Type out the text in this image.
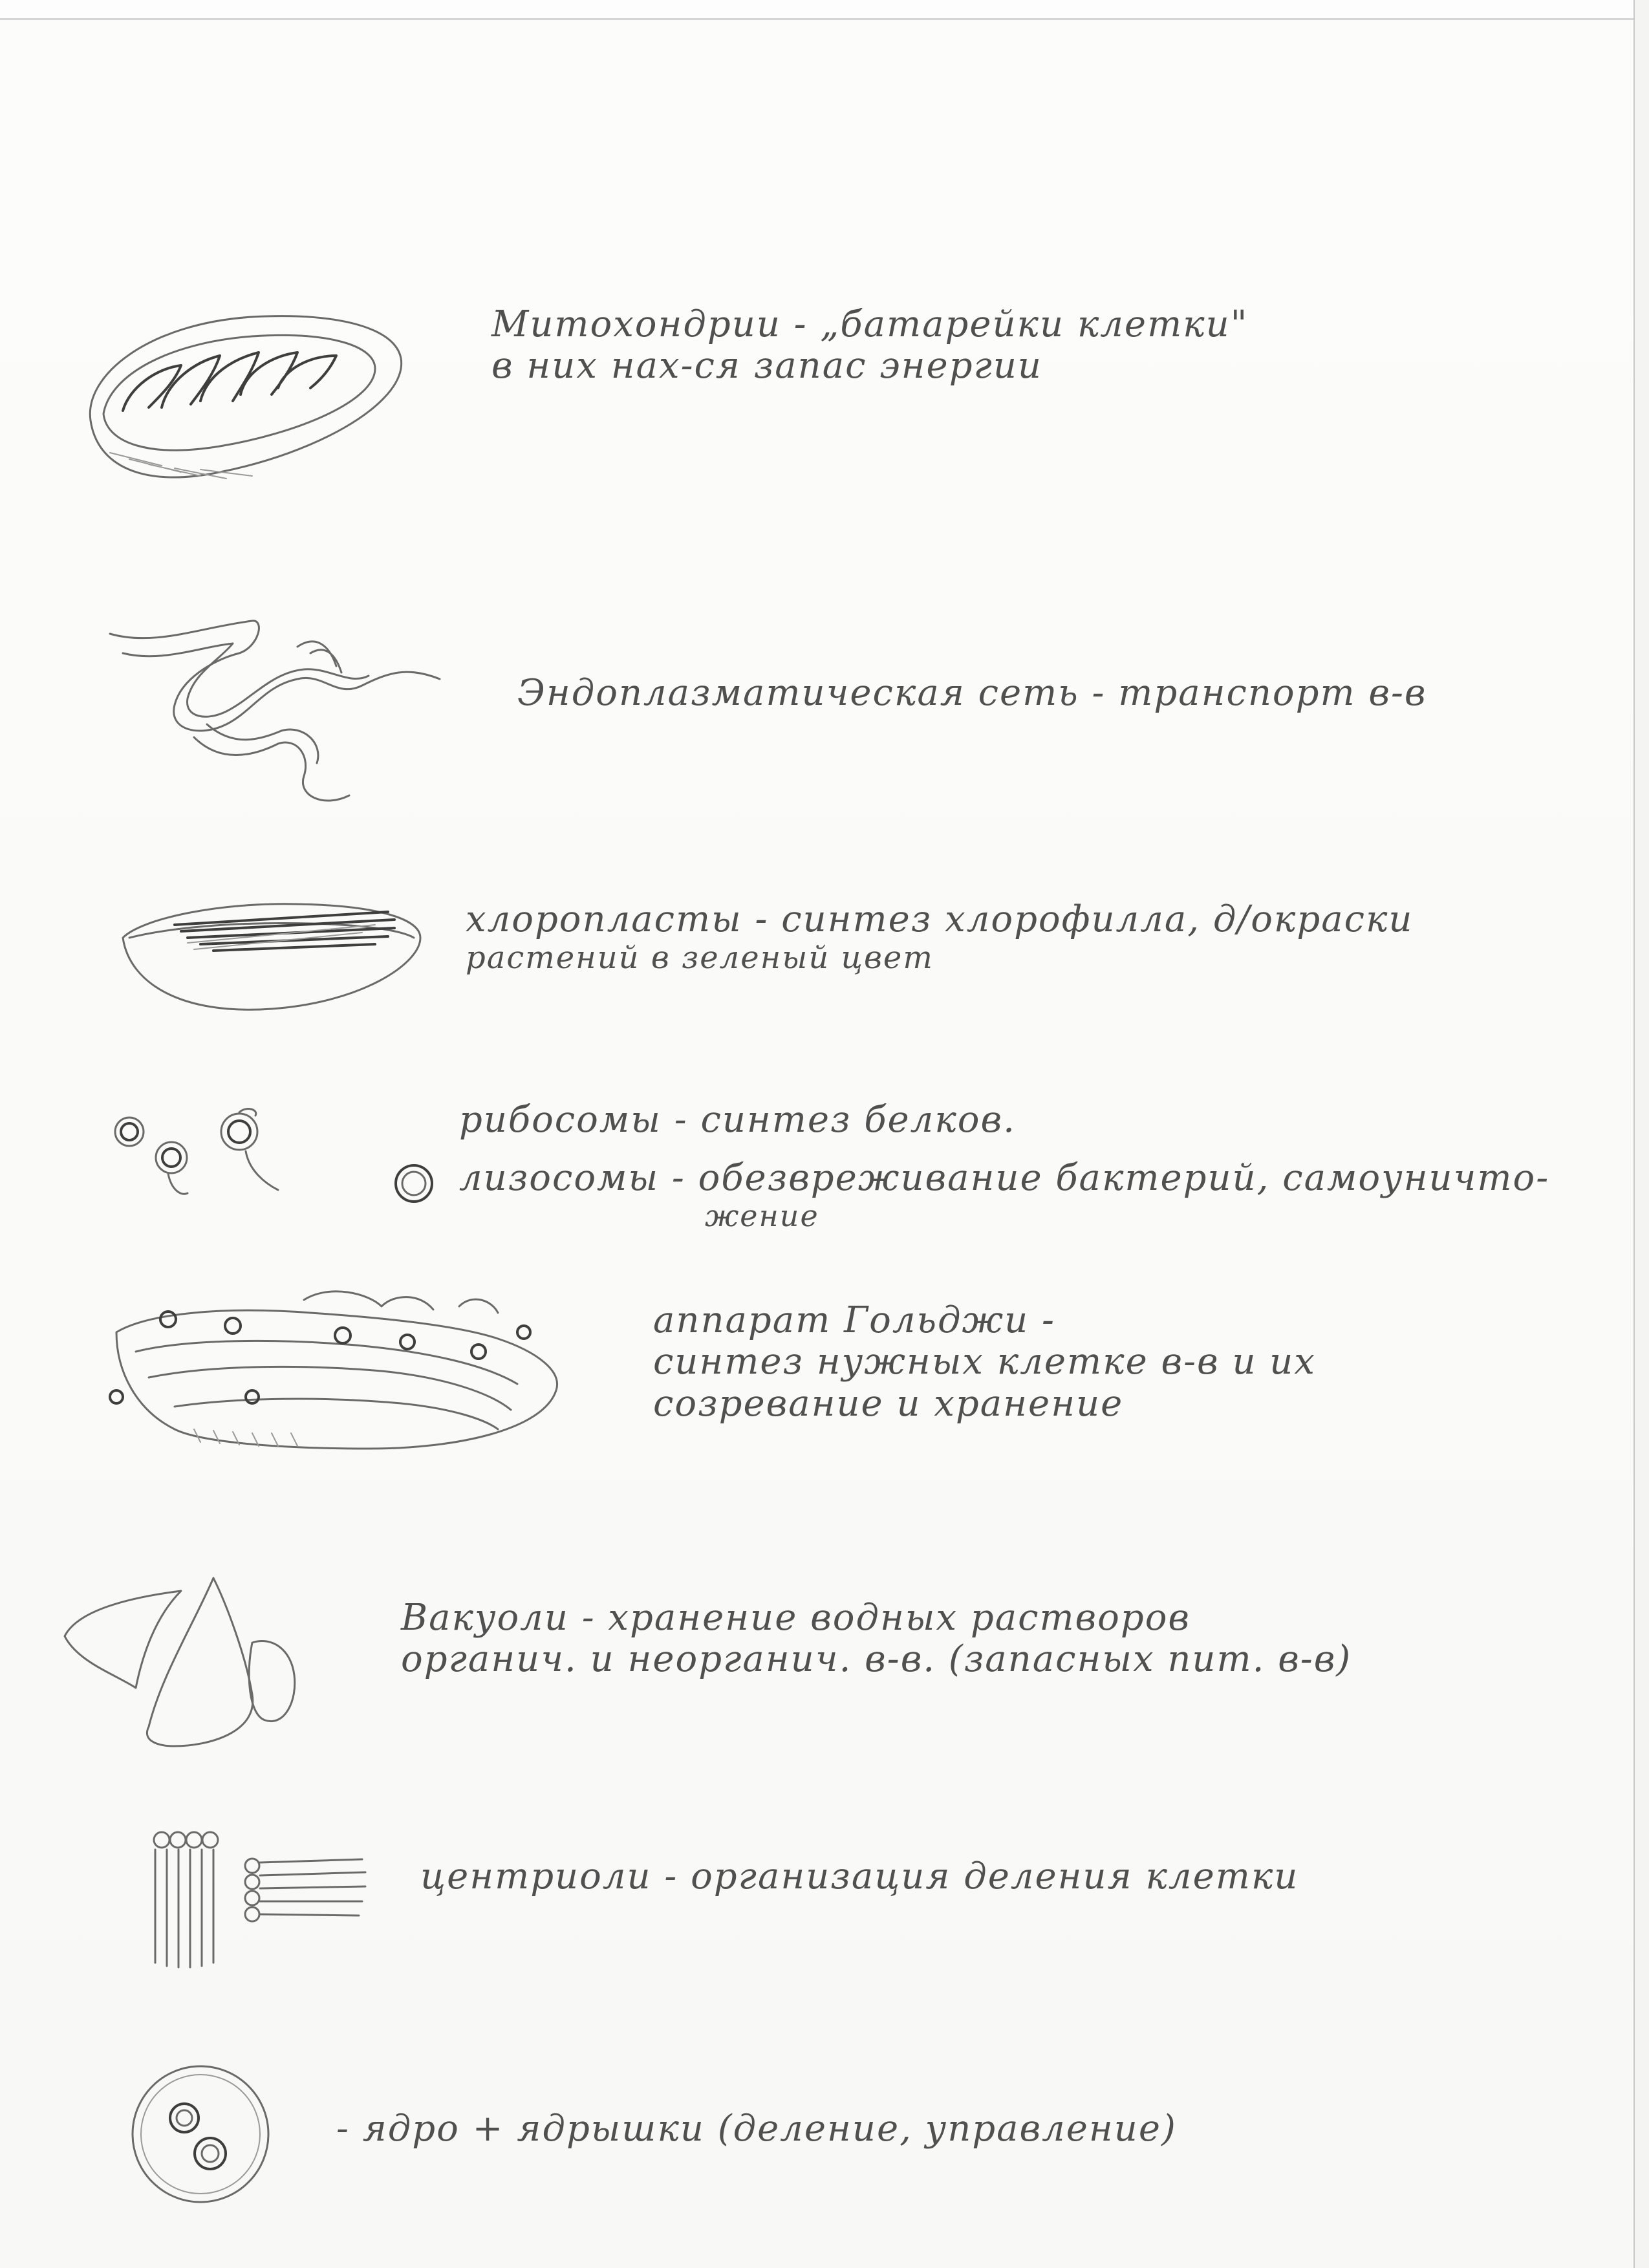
Митохондрии - „батарейки клетки"
в них нах-ся запас энергии

Эндоплазматическая сеть - транспорт в-в

хлоропласты - синтез хлорофилла, д/окраски
растений в зеленый цвет

рибосомы - синтез белков.

лизосомы - обезвреживание бактерий, самоуничто-
жение

аппарат Гольджи -
синтез нужных клетке в-в и их
созревание и хранение

Вакуоли - хранение водных растворов
органич. и неорганич. в-в. (запасных пит. в-в)

центриоли - организация деления клетки

- ядро + ядрышки (деление, управление)
